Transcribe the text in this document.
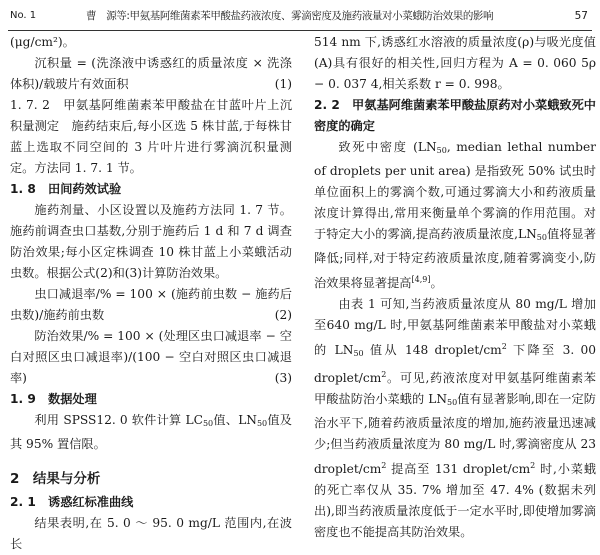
No. 1	曹　源等:甲氨基阿维菌素苯甲酸盐药液浓度、雾滴密度及施药液量对小菜蛾防治效果的影响	57

(μg/cm²)。

沉积量 = (洗涤液中诱惑红的质量浓度 × 洗涤体积)/载玻片有效面积	(1)

1. 7. 2　 甲氨基阿维菌素苯甲酸盐在甘蓝叶片上沉积量测定　 施药结束后,每小区选 5 株甘蓝,于每株甘蓝上选取不同空间的 3 片叶片进行雾滴沉积量测定。方法同 1. 7. 1 节。

1. 8　田间药效试验

施药剂量、小区设置以及施药方法同 1. 7 节。施药前调查虫口基数,分别于施药后 1 d 和 7 d 调查防治效果;每小区定株调查 10 株甘蓝上小菜蛾活动虫数。根据公式(2)和(3)计算防治效果。

虫口减退率/% = 100 × (施药前虫数 − 施药后虫数)/施药前虫数	(2)

防治效果/% = 100 × (处理区虫口减退率 − 空白对照区虫口减退率)/(100 − 空白对照区虫口减退率)	(3)

1. 9　数据处理

利用 SPSS12. 0 软件计算 $LC_{50}$值、$LN_{50}$值及其 95% 置信限。

2　结果与分析

2. 1　诱惑红标准曲线

结果表明,在 5. 0 ～ 95. 0 mg/L 范围内,在波长

514 nm 下,诱惑红水溶液的质量浓度(ρ)与吸光度值(A)具有很好的相关性,回归方程为 A = 0. 060 5ρ − 0. 037 4,相关系数 r = 0. 998。

2. 2　甲氨基阿维菌素苯甲酸盐原药对小菜蛾致死中密度的确定

致死中密度 ($LN_{50}$, median lethal number of droplets per unit area) 是指致死 50% 试虫时单位面积上的雾滴个数,可通过雾滴大小和药液质量浓度计算得出,常用来衡量单个雾滴的作用范围。对于特定大小的雾滴,提高药液质量浓度$,LN_{50}$值将显著降低;同样,对于特定药液质量浓度,随着雾滴变小,防治效果将显著提高[4,9]。

由表 1 可知,当药液质量浓度从 80 mg/L 增加至640 mg/L 时,甲氨基阿维菌素苯甲酸盐对小菜蛾的 $LN_{50}$ 值从 148 droplet/$cm^2$ 下降至 3. 00 droplet/$cm^2$。可见,药液浓度对甲氨基阿维菌素苯甲酸盐防治小菜蛾的 $LN_{50}$值有显著影响,即在一定防治水平下,随着药液质量浓度的增加,施药液量迅速减少;但当药液质量浓度为 80 mg/L 时,雾滴密度从 23 droplet/$cm^2$ 提高至 131 droplet/$cm^2$ 时,小菜蛾的死亡率仅从 35. 7% 增加至 47. 4% (数据未列出),即当药液质量浓度低于一定水平时,即使增加雾滴密度也不能提高其防治效果。
